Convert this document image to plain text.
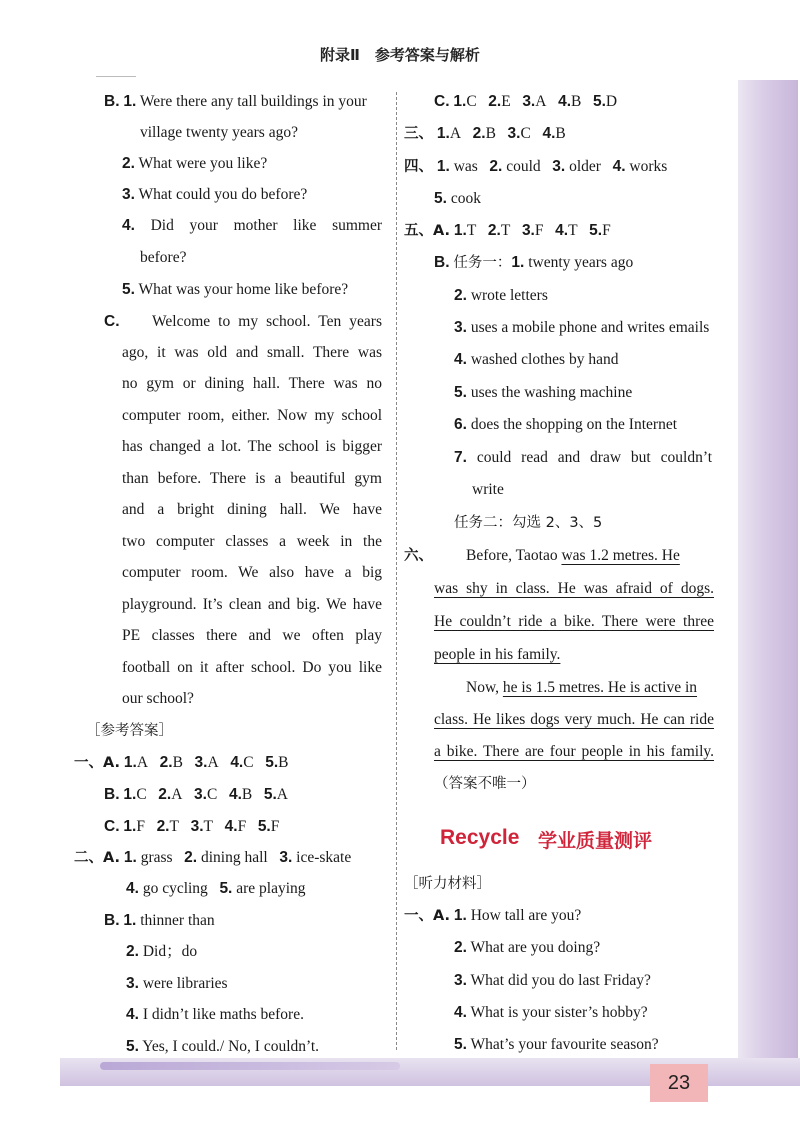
23
附录Ⅱ　参考答案与解析
B. 1. Were there any tall buildings in your
village twenty years ago?
2. What were you like?
3. What could you do before?
4. Did your mother like summer
before?
5. What was your home like before?
C. Welcome to my school. Ten years
ago, it was old and small. There was
no gym or dining hall. There was no
computer room, either. Now my school
has changed a lot. The school is bigger
than before. There is a beautiful gym
and a bright dining hall. We have
two computer classes a week in the
computer room. We also have a big
playground. It’s clean and big. We have
PE classes there and we often play
football on it after school. Do you like
our school?
［参考答案］
一、A. 1.A 2.B 3.A 4.C 5.B
B. 1.C 2.A 3.C 4.B 5.A
C. 1.F 2.T 3.T 4.F 5.F
二、A. 1. grass 2. dining hall 3. ice-skate
4. go cycling 5. are playing
B. 1. thinner than
2. Did；do
3. were libraries
4. I didn’t like maths before.
5. Yes, I could./ No, I couldn’t.
C. 1.C 2.E 3.A 4.B 5.D
三、 1.A 2.B 3.C 4.B
四、 1. was 2. could 3. older 4. works
5. cook
五、A. 1.T 2.T 3.F 4.T 5.F
B. 任务一：1. twenty years ago
2. wrote letters
3. uses a mobile phone and writes emails
4. washed clothes by hand
5. uses the washing machine
6. does the shopping on the Internet
7. could read and draw but couldn’t
write
任务二：勾选 2、3、5
六、 Before, Taotao was 1.2 metres. He
was shy in class. He was afraid of dogs.
He couldn’t ride a bike. There were three
people in his family.
Now, he is 1.5 metres. He is active in
class. He likes dogs very much. He can ride
a bike. There are four people in his family.
（答案不唯一）
Recycle 学业质量测评
［听力材料］
一、A. 1. How tall are you?
2. What are you doing?
3. What did you do last Friday?
4. What is your sister’s hobby?
5. What’s your favourite season?
